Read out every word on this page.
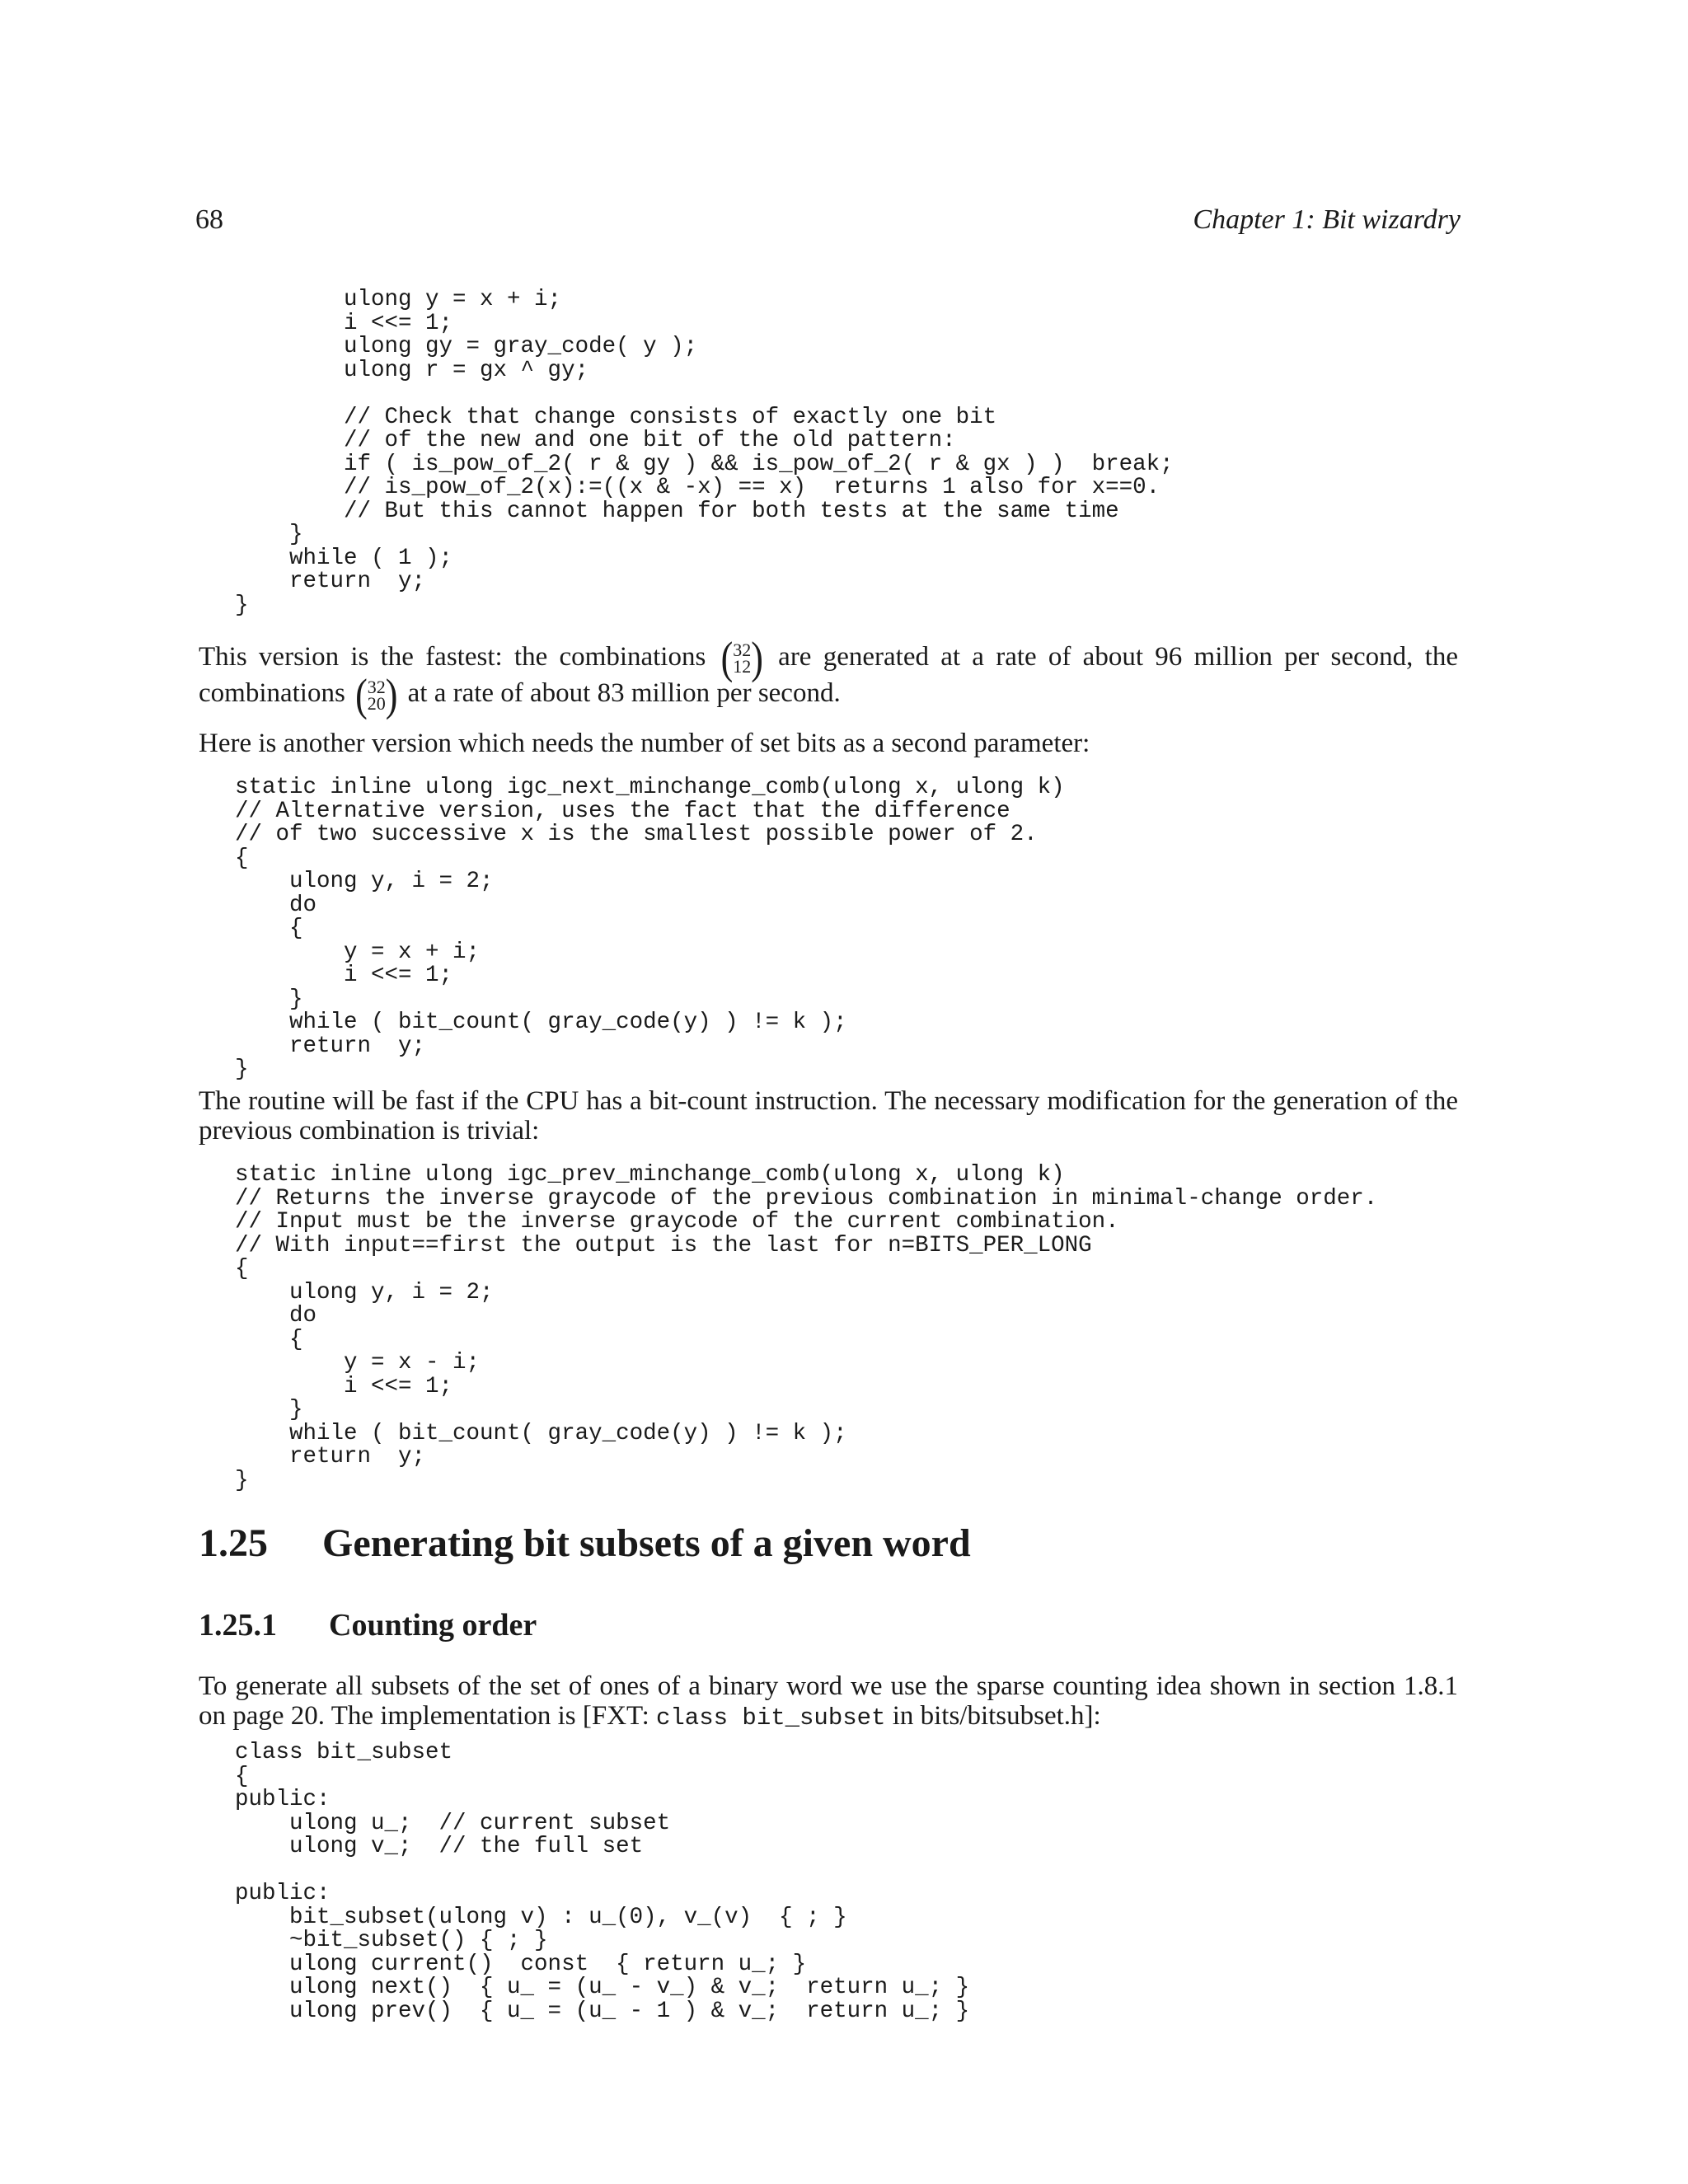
68	Chapter 1: Bit wizardry
ulong y = x + i;
i <<= 1;
ulong gy = gray_code( y );
ulong r = gx ^ gy;
// Check that change consists of exactly one bit
// of the new and one bit of the old pattern:
if ( is_pow_of_2( r & gy ) && is_pow_of_2( r & gx ) )  break;
// is_pow_of_2(x):=((x & -x) == x)  returns 1 also for x==0.
// But this cannot happen for both tests at the same time
}
while ( 1 );
return  y;
}
This version is the fastest: the combinations ( 32
12 ) are generated at a rate of about 96 million per second, the combinations ( 32
20 ) at a rate of about 83 million per second.
Here is another version which needs the number of set bits as a second parameter:
static inline ulong igc_next_minchange_comb(ulong x, ulong k)
// Alternative version, uses the fact that the difference
// of two successive x is the smallest possible power of 2.
{
ulong y, i = 2;
do
{
y = x + i;
i <<= 1;
}
while ( bit_count( gray_code(y) ) != k );
return  y;
}
The routine will be fast if the CPU has a bit-count instruction. The necessary modification for the generation of the previous combination is trivial:
static inline ulong igc_prev_minchange_comb(ulong x, ulong k)
// Returns the inverse graycode of the previous combination in minimal-change order.
// Input must be the inverse graycode of the current combination.
// With input==first the output is the last for n=BITS_PER_LONG
{
ulong y, i = 2;
do
{
y = x - i;
i <<= 1;
}
while ( bit_count( gray_code(y) ) != k );
return  y;
}
1.25 Generating bit subsets of a given word
1.25.1 Counting order
To generate all subsets of the set of ones of a binary word we use the sparse counting idea shown in section 1.8.1 on page 20. The implementation is [FXT: class bit_subset in bits/bitsubset.h]:
class bit_subset
{
public:
ulong u_;  // current subset
ulong v_;  // the full set
public:
bit_subset(ulong v) : u_(0), v_(v)  { ; }
~bit_subset() { ; }
ulong current()  const  { return u_; }
ulong next()  { u_ = (u_ - v_) & v_;  return u_; }
ulong prev()  { u_ = (u_ - 1 ) & v_;  return u_; }
